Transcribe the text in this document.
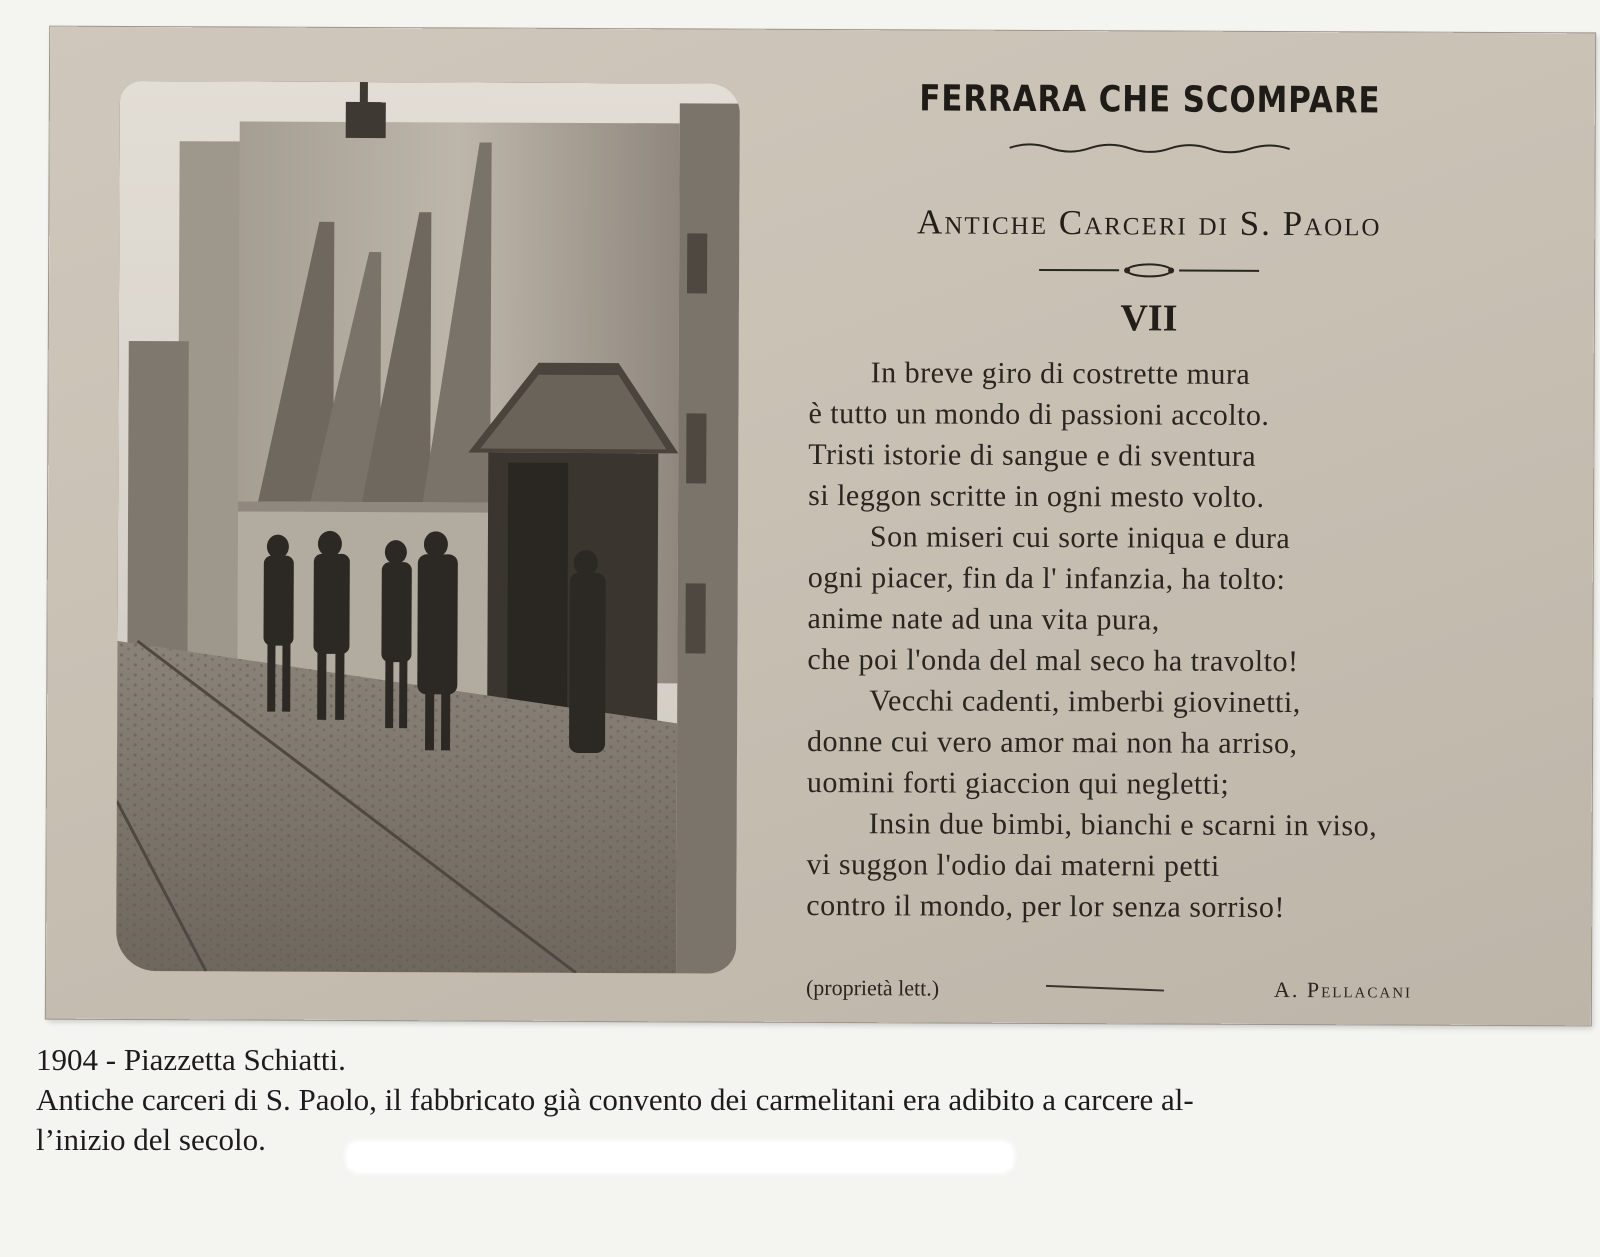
FERRARA CHE SCOMPARE
Antiche Carceri di S. Paolo
VII
In breve giro di costrette mura
è tutto un mondo di passioni accolto.
Tristi istorie di sangue e di sventura
si leggon scritte in ogni mesto volto.
Son miseri cui sorte iniqua e dura
ogni piacer, fin da l' infanzia, ha tolto:
anime nate ad una vita pura,
che poi l'onda del mal seco ha travolto!
Vecchi cadenti, imberbi giovinetti,
donne cui vero amor mai non ha arriso,
uomini forti giaccion qui negletti;
Insin due bimbi, bianchi e scarni in viso,
vi suggon l'odio dai materni petti
contro il mondo, per lor senza sorriso!
(proprietà lett.)	A. Pellacani
1904 - Piazzetta Schiatti.
Antiche carceri di S. Paolo, il fabbricato già convento dei carmelitani era adibito a carcere al-
l’inizio del secolo.
